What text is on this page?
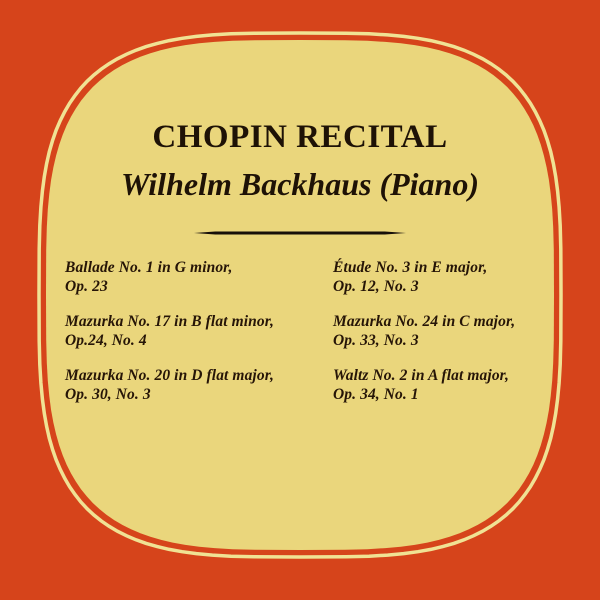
CHOPIN RECITAL
Wilhelm Backhaus (Piano)
Ballade No. 1 in G minor,
Op. 23
Mazurka No. 17 in B flat minor,
Op.24, No. 4
Mazurka No. 20 in D flat major,
Op. 30, No. 3
Étude No. 3 in E major,
Op. 12, No. 3
Mazurka No. 24 in C major,
Op. 33, No. 3
Waltz No. 2 in A flat major,
Op. 34, No. 1
